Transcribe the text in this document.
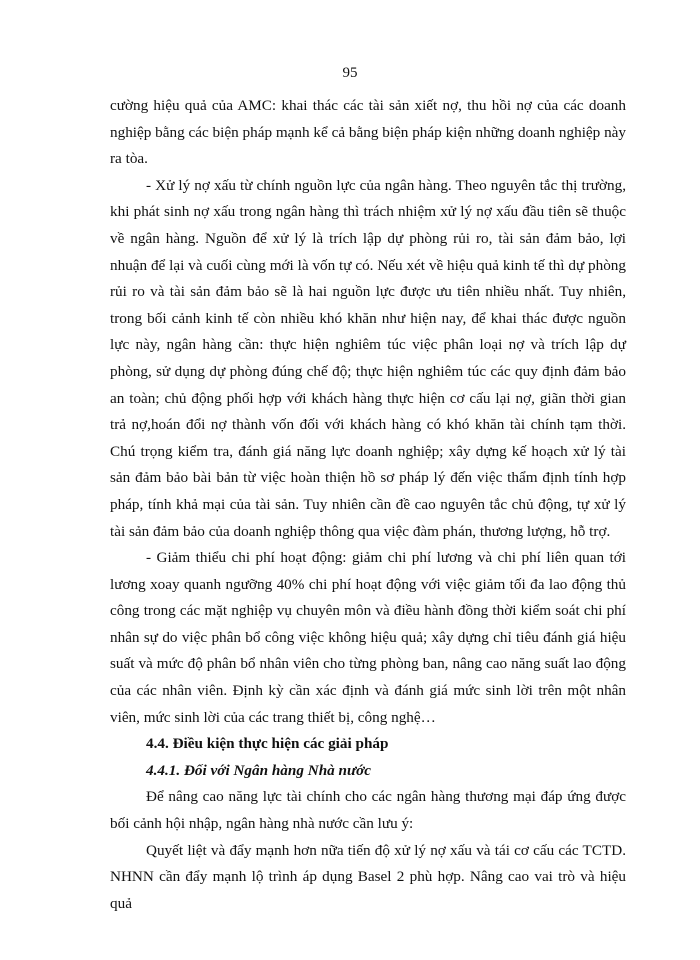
95

cường hiệu quả của AMC: khai thác các tài sản xiết nợ, thu hồi nợ của các doanh nghiệp bằng các biện pháp mạnh kể cả bằng biện pháp kiện những doanh nghiệp này ra tòa.

- Xử lý nợ xấu từ chính nguồn lực của ngân hàng. Theo nguyên tắc thị trường, khi phát sinh nợ xấu trong ngân hàng thì trách nhiệm xử lý nợ xấu đầu tiên sẽ thuộc về ngân hàng. Nguồn để xử lý là trích lập dự phòng rủi ro, tài sản đảm bảo, lợi nhuận để lại và cuối cùng mới là vốn tự có. Nếu xét về hiệu quả kinh tế thì dự phòng rủi ro và tài sản đảm bảo sẽ là hai nguồn lực được ưu tiên nhiều nhất. Tuy nhiên, trong bối cảnh kinh tế còn nhiều khó khăn như hiện nay, để khai thác được nguồn lực này, ngân hàng cần: thực hiện nghiêm túc việc phân loại nợ và trích lập dự phòng, sử dụng dự phòng đúng chế độ; thực hiện nghiêm túc các quy định đảm bảo an toàn; chủ động phối hợp với khách hàng thực hiện cơ cấu lại nợ, giãn thời gian trả nợ,hoán đổi nợ thành vốn đối với khách hàng có khó khăn tài chính tạm thời. Chú trọng kiểm tra, đánh giá năng lực doanh nghiệp; xây dựng kế hoạch xử lý tài sản đảm bảo bài bản từ việc hoàn thiện hồ sơ pháp lý đến việc thẩm định tính hợp pháp, tính khả mại của tài sản. Tuy nhiên cần đề cao nguyên tắc chủ động, tự xử lý tài sản đảm bảo của doanh nghiệp thông qua việc đàm phán, thương lượng, hỗ trợ.

- Giảm thiểu chi phí hoạt động: giảm chi phí lương và chi phí liên quan tới lương xoay quanh ngưỡng 40% chi phí hoạt động với việc giảm tối đa lao động thủ công trong các mặt nghiệp vụ chuyên môn và điều hành đồng thời kiểm soát chi phí nhân sự do việc phân bổ công việc không hiệu quả; xây dựng chỉ tiêu đánh giá hiệu suất và mức độ phân bổ nhân viên cho từng phòng ban, nâng cao năng suất lao động của các nhân viên. Định kỳ cần xác định và đánh giá mức sinh lời trên một nhân viên, mức sinh lời của các trang thiết bị, công nghệ…

4.4. Điều kiện thực hiện các giải pháp

4.4.1. Đối với Ngân hàng Nhà nước

Để nâng cao năng lực tài chính cho các ngân hàng thương mại đáp ứng được bối cảnh hội nhập, ngân hàng nhà nước cần lưu ý:

Quyết liệt và đẩy mạnh hơn nữa tiến độ xử lý nợ xấu và tái cơ cấu các TCTD. NHNN cần đẩy mạnh lộ trình áp dụng Basel 2 phù hợp. Nâng cao vai trò và hiệu quả
